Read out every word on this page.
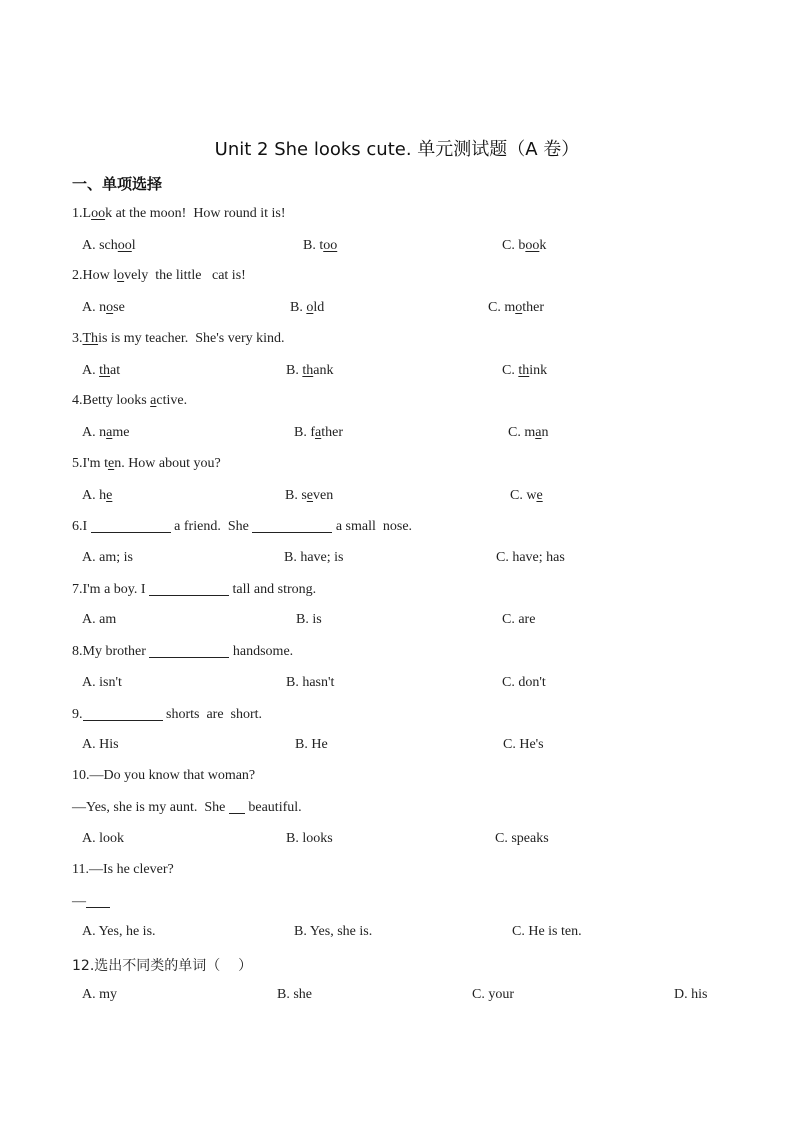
Unit 2 She looks cute. 单元测试题（A 卷）
一、单项选择
1.Look at the moon!  How round it is!
A. school	B. too	C. book
2.How lovely  the little   cat is!
A. nose	B. old	C. mother
3.This is my teacher.  She's very kind.
A. that	B. thank	C. think
4.Betty looks active.
A. name	B. father	C. man
5.I'm ten. How about you?
A. he	B. seven	C. we
6.I	a friend.  She	a small  nose.
A. am; is	B. have; is	C. have; has
7.I'm a boy. I	tall and strong.
A. am	B. is	C. are
8.My brother	handsome.
A. isn't	B. hasn't	C. don't
9.	shorts  are  short.
A. His	B. He	C. He's
10.—Do you know that woman?
—Yes, she is my aunt.  She  beautiful.
A. look	B. looks	C. speaks
11.—Is he clever?
—
A. Yes, he is.	B. Yes, she is.	C. He is ten.
12.选出不同类的单词（    ）
A. my	B. she	C. your	D. his
